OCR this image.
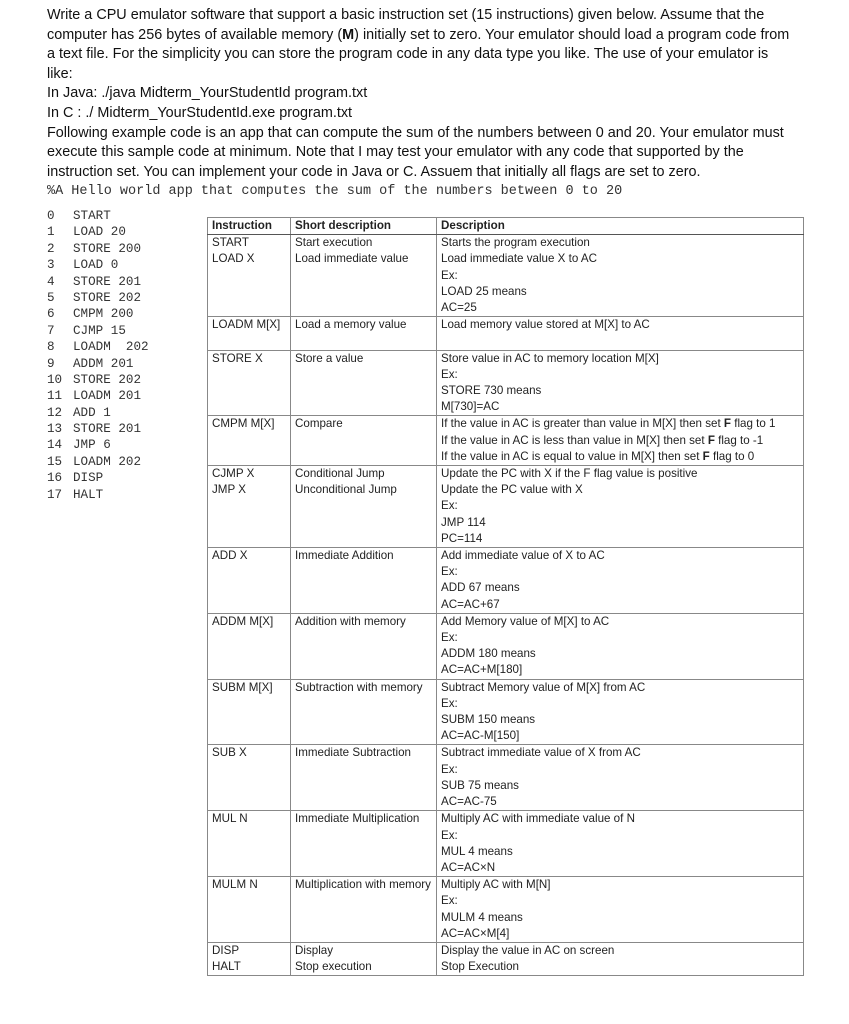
Write a CPU emulator software that support a basic instruction set (15 instructions) given below. Assume that the computer has 256 bytes of available memory (M) initially set to zero. Your emulator should load a program code from a text file. For the simplicity you can store the program code in any data type you like. The use of your emulator is like:

In Java: ./java Midterm_YourStudentId program.txt

In C : ./ Midterm_YourStudentId.exe program.txt

Following example code is an app that can compute the sum of the numbers between 0 and 20. Your emulator must execute this sample code at minimum. Note that I may test your emulator with any code that supported by the instruction set. You can implement your code in Java or C. Assuem that initially all flags are set to zero.

%A Hello world app that computes the sum of the numbers between 0 to 20

0 START
1 LOAD 20
2 STORE 200
3 LOAD 0
4 STORE 201
5 STORE 202
6 CMPM 200
7 CJMP 15
8 LOADM  202
9 ADDM 201
10 STORE 202
11 LOADM 201
12 ADD 1
13 STORE 201
14 JMP 6
15 LOADM 202
16 DISP
17 HALT
Instruction	Short description	Description
START	Start execution	Starts the program execution

LOAD X	Load immediate value	Load immediate value X to AC
Ex:
LOAD 25 means
AC=25

LOADM M[X]	Load a memory value	Load memory value stored at M[X] to AC

STORE X	Store a value	Store value in AC to memory location M[X]
Ex:
STORE 730 means
M[730]=AC

CMPM M[X]	Compare	If the value in AC is greater than value in M[X] then set F flag to 1
If the value in AC is less than value in M[X] then set F flag to -1
If the value in AC is equal to value in M[X] then set F flag to 0

CJMP X	Conditional Jump	Update the PC with X if the F flag value is positive

JMP X	Unconditional Jump	Update the PC value with X
Ex:
JMP 114
PC=114

ADD X	Immediate Addition	Add immediate value of X to AC
Ex:
ADD 67 means
AC=AC+67

ADDM M[X]	Addition with memory	Add Memory value of M[X] to AC
Ex:
ADDM 180 means
AC=AC+M[180]

SUBM M[X]	Subtraction with memory	Subtract Memory value of M[X] from AC
Ex:
SUBM 150 means
AC=AC-M[150]

SUB X	Immediate Subtraction	Subtract immediate value of X from AC
Ex:
SUB 75 means
AC=AC-75

MUL N	Immediate Multiplication	Multiply AC with immediate value of N
Ex:
MUL 4 means
AC=AC×N

MULM N	Multiplication with memory	Multiply AC with M[N]
Ex:
MULM 4 means
AC=AC×M[4]

DISP	Display	Display the value in AC on screen

HALT	Stop execution	Stop Execution
